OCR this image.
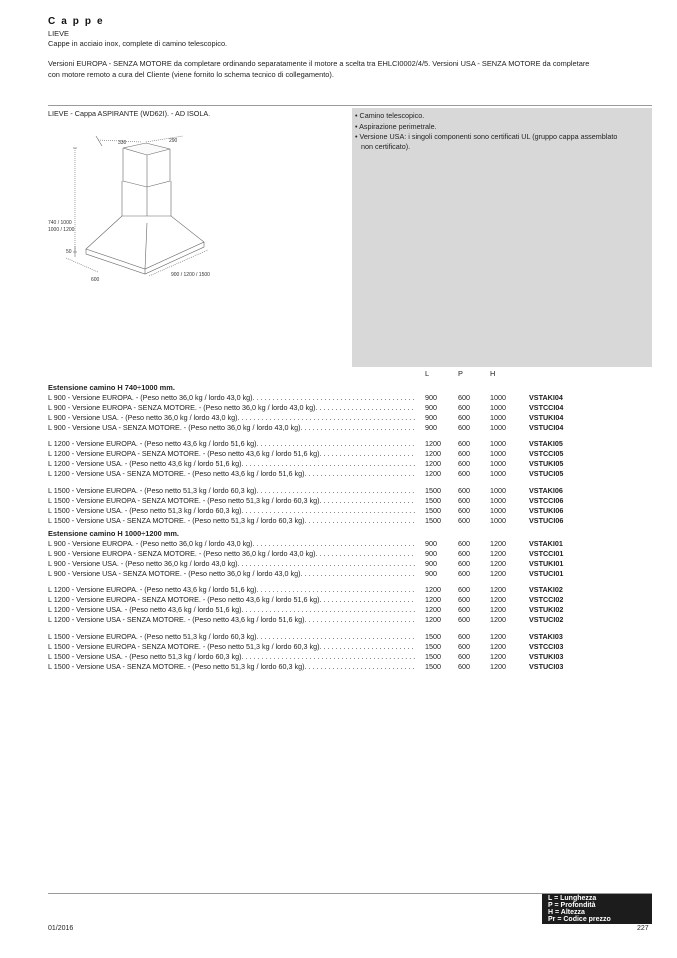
Cappe
LIEVE
Cappe in acciaio inox, complete di camino telescopico.
Versioni EUROPA - SENZA MOTORE da completare ordinando separatamente il motore a scelta tra EHLCI0002/4/5. Versioni USA - SENZA MOTORE da completare
con motore remoto a cura del Cliente (viene fornito lo schema tecnico di collegamento).
LIEVE - Cappa ASPIRANTE (WD62I). - AD ISOLA.	• Camino telescopico.
• Aspirazione perimetrale.
• Versione USA: i singoli componenti sono certificati UL (gruppo cappa assemblato
non certificato).
330	290
740 / 1000
1000 / 1200
50
600
900 / 1200 / 1500
L	P	H
Estensione camino H 740÷1000 mm.
L 900 - Versione EUROPA. - (Peso netto 36,0 kg / lordo 43,0 kg). . . .	900	600	1000	VSTAKI04
L 900 - Versione EUROPA - SENZA MOTORE. - (Peso netto 36,0 kg / lordo 43,0 kg). . . .	900	600	1000	VSTCCI04
L 900 - Versione USA. - (Peso netto 36,0 kg / lordo 43,0 kg). . . .	900	600	1000	VSTUKI04
L 900 - Versione USA - SENZA MOTORE. - (Peso netto 36,0 kg / lordo 43,0 kg). . . .	900	600	1000	VSTUCI04
L 1200 - Versione EUROPA. - (Peso netto 43,6 kg / lordo 51,6 kg). . . .	1200 600	1000	VSTAKI05
L 1200 - Versione EUROPA - SENZA MOTORE. - (Peso netto 43,6 kg / lordo 51,6 kg). . . .	1200 600	1000	VSTCCI05
L 1200 - Versione USA. - (Peso netto 43,6 kg / lordo 51,6 kg). . . .	1200 600	1000	VSTUKI05
L 1200 - Versione USA - SENZA MOTORE. - (Peso netto 43,6 kg / lordo 51,6 kg). . . .	1200 600	1000	VSTUCI05
L 1500 - Versione EUROPA. - (Peso netto 51,3 kg / lordo 60,3 kg). . . .	1500 600	1000	VSTAKI06
L 1500 - Versione EUROPA - SENZA MOTORE. - (Peso netto 51,3 kg / lordo 60,3 kg). . . .	1500 600	1000	VSTCCI06
L 1500 - Versione USA. - (Peso netto 51,3 kg / lordo 60,3 kg). . . .	1500 600	1000	VSTUKI06
L 1500 - Versione USA - SENZA MOTORE. - (Peso netto 51,3 kg / lordo 60,3 kg). . . .	1500 600	1000	VSTUCI06
Estensione camino H 1000÷1200 mm.
L 900 - Versione EUROPA. - (Peso netto 36,0 kg / lordo 43,0 kg). . . .	900	600	1200	VSTAKI01
L 900 - Versione EUROPA - SENZA MOTORE. - (Peso netto 36,0 kg / lordo 43,0 kg). . . .	900	600	1200	VSTCCI01
L 900 - Versione USA. - (Peso netto 36,0 kg / lordo 43,0 kg). . . .	900	600	1200	VSTUKI01
L 900 - Versione USA - SENZA MOTORE. - (Peso netto 36,0 kg / lordo 43,0 kg). . . .	900	600	1200	VSTUCI01
L 1200 - Versione EUROPA. - (Peso netto 43,6 kg / lordo 51,6 kg). . . .	1200 600	1200	VSTAKI02
L 1200 - Versione EUROPA - SENZA MOTORE. - (Peso netto 43,6 kg / lordo 51,6 kg). . . .	1200 600	1200	VSTCCI02
L 1200 - Versione USA. - (Peso netto 43,6 kg / lordo 51,6 kg). . . .	1200 600	1200	VSTUKI02
L 1200 - Versione USA - SENZA MOTORE. - (Peso netto 43,6 kg / lordo 51,6 kg). . . .	1200 600	1200	VSTUCI02
L 1500 - Versione EUROPA. - (Peso netto 51,3 kg / lordo 60,3 kg). . . .	1500 600	1200	VSTAKI03
L 1500 - Versione EUROPA - SENZA MOTORE. - (Peso netto 51,3 kg / lordo 60,3 kg). . . .	1500 600	1200	VSTCCI03
L 1500 - Versione USA. - (Peso netto 51,3 kg / lordo 60,3 kg). . . .	1500 600	1200	VSTUKI03
L 1500 - Versione USA - SENZA MOTORE. - (Peso netto 51,3 kg / lordo 60,3 kg). . . .	1500 600	1200	VSTUCI03
L = Lunghezza
P = Profondità
H = Altezza
Pr = Codice prezzo
01/2016	227
